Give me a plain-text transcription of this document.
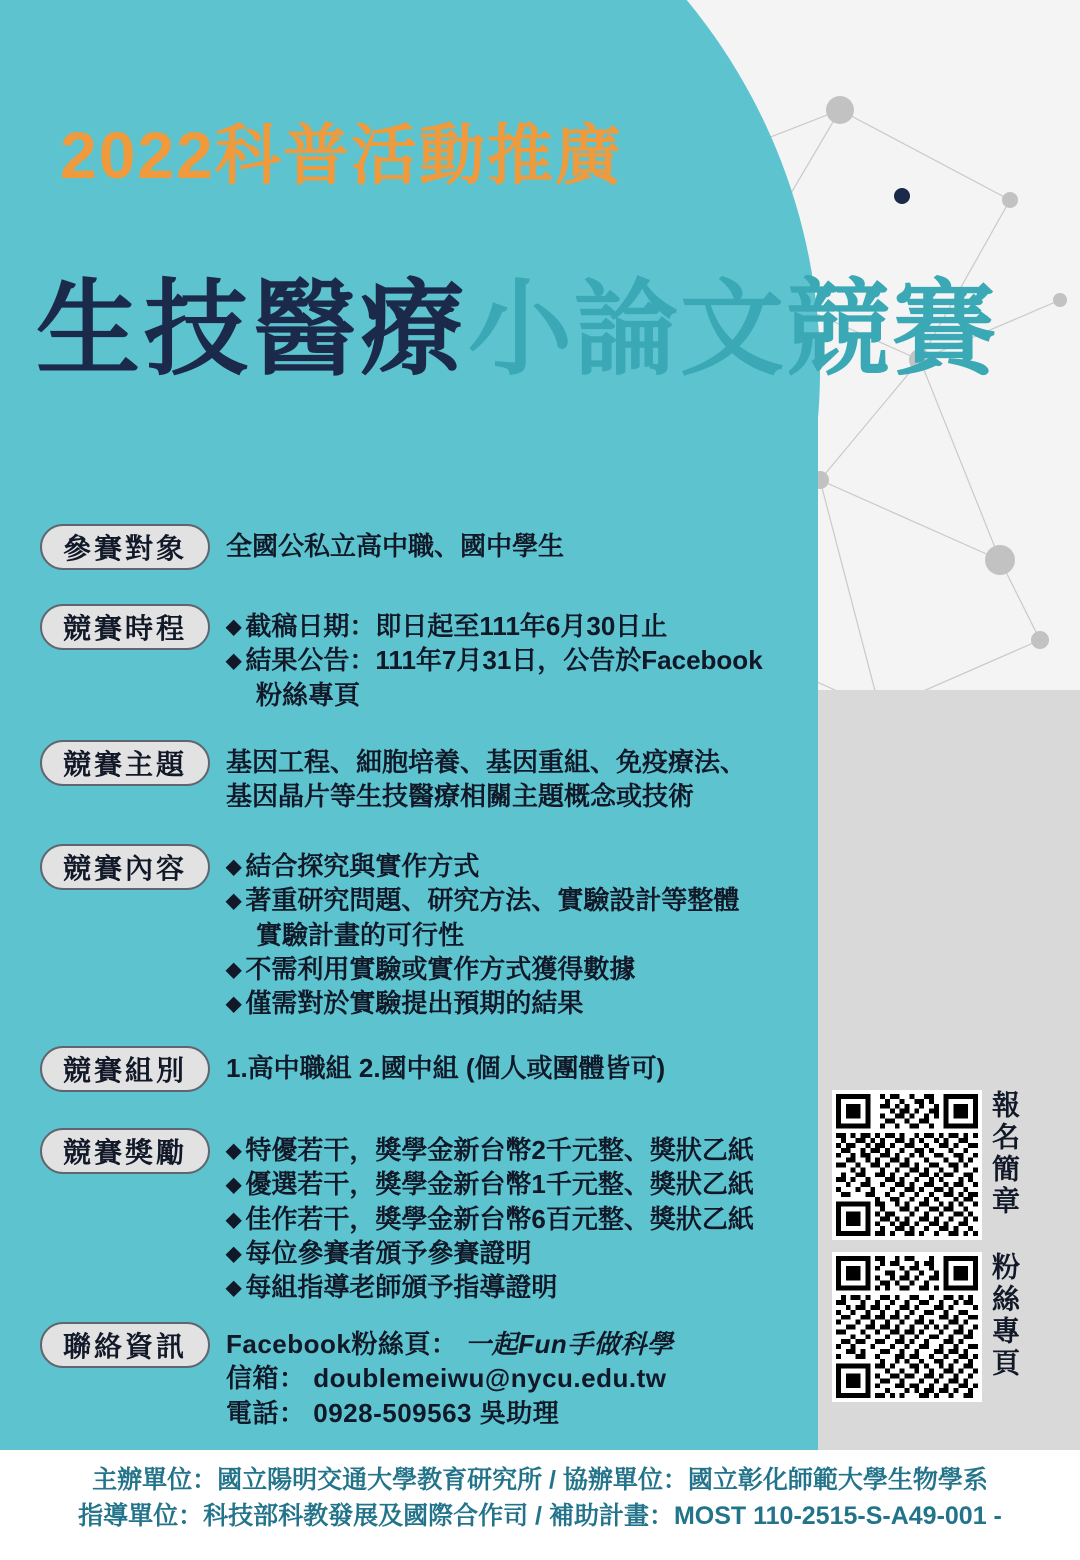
2022科普活動推廣
生技醫療小論文競賽
參賽對象	全國公私立高中職、國中學生
競賽時程	◆ 截稿日期：即日起至111年6月30日止
◆ 結果公告：111年7月31日，公告於Facebook
粉絲專頁
競賽主題	基因工程、細胞培養、基因重組、免疫療法、
基因晶片等生技醫療相關主題概念或技術
競賽內容	◆ 結合探究與實作方式
◆ 著重研究問題、研究方法、實驗設計等整體
實驗計畫的可行性
◆ 不需利用實驗或實作方式獲得數據
◆ 僅需對於實驗提出預期的結果
競賽組別	1.高中職組 2.國中組 (個人或團體皆可)
競賽獎勵	◆ 特優若干，獎學金新台幣2千元整、獎狀乙紙
◆ 優選若干，獎學金新台幣1千元整、獎狀乙紙
◆ 佳作若干，獎學金新台幣6百元整、獎狀乙紙
◆ 每位參賽者頒予參賽證明
◆ 每組指導老師頒予指導證明
聯絡資訊	Facebook粉絲頁： 一起Fun手做科學
信箱： doublemeiwu@nycu.edu.tw
電話： 0928-509563 吳助理
報名簡章
粉絲專頁
主辦單位：國立陽明交通大學教育研究所 / 協辦單位：國立彰化師範大學生物學系
指導單位：科技部科教發展及國際合作司 / 補助計畫：MOST 110-2515-S-A49-001 -
